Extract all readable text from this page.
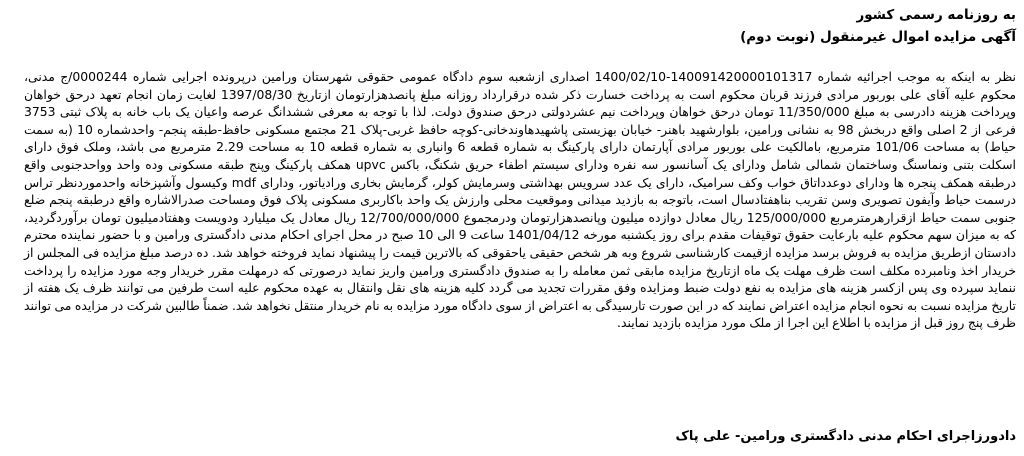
به روزنامه رسمی کشور

آگهی مزایده اموال غیرمنقول (نوبت دوم)

نظر به اینکه به موجب اجرائیه شماره 140091420000101317-1400/02/10 اصداری ازشعبه سوم دادگاه عمومی حقوقی شهرستان ورامین درپرونده اجرایی شماره 0000244/ج مدنی، محکوم علیه آقای علی بوربور مرادی فرزند قربان محکوم است به پرداخت خسارت ذکر شده درقرارداد روزانه مبلغ پانصدهزارتومان ازتاریخ 1397/08/30 لغایت زمان انجام تعهد درحق خواهان وپرداخت هزینه دادرسی به مبلغ 11/350/000 تومان درحق خواهان وپرداخت نیم عشردولتی درحق صندوق دولت. لذا با توجه به معرفی ششدانگ عرصه واعیان یک باب خانه به پلاک ثبتی 3753 فرعی از 2 اصلی واقع دربخش 98 به نشانی ورامین، بلوارشهید باهنر- خیابان بهزیستی پاشهیدهاوندخانی-کوچه حافظ غربی-پلاک 21 مجتمع مسکونی حافظ-طبقه پنجم- واحدشماره 10 (به سمت حیاط) به مساحت 101/06 مترمربع، بامالکیت علی بوربور مرادی آپارتمان دارای پارکینگ به شماره قطعه 6 وانباری به شماره قطعه 10 به مساحت 2.29 مترمربع می باشد، وملک فوق دارای اسکلت بتنی ونماسنگ وساختمان شمالی شامل ودارای یک آسانسور سه نفره ودارای سیستم اطفاء حریق شکنگ، باکس upvc همکف پارکینگ وپنج طبقه مسکونی وده واحد وواحدجنوبی واقع درطبقه همکف پنجره ها ودارای دوعدداتاق خواب وکف سرامیک، دارای یک عدد سرویس بهداشتی وسرمایش کولر، گرمایش بخاری ورادیاتور، ودارای mdf وکیسول وآشپزخانه واحدموردنظر تراس درسمت حیاط وآیفون تصویری وسن تقریب بناهفتادسال است، باتوجه به بازدید میدانی وموقعیت محلی وارزش یک واحد باکاربری مسکونی پلاک فوق ومساحت صدرالاشاره واقع درطبقه پنجم ضلع جنوبی سمت حیاط ازقرارهرمترمربع 125/000/000 ریال معادل دوازده میلیون وپانصدهزارتومان ودرمجموع 12/700/000/000 ریال معادل یک میلیارد ودویست وهفتادمیلیون تومان برآوردگردید، که به میزان سهم محکوم علیه بارعایت حقوق توقیفات مقدم برای روز یکشنبه مورخه 1401/04/12 ساعت 9 الی 10 صبح در محل اجرای احکام مدنی دادگستری ورامین و با حضور نماینده محترم دادستان ازطریق مزایده به فروش برسد مزایده ازقیمت کارشناسی شروع وبه هر شخص حقیقی یاحقوقی که بالاترین قیمت را پیشنهاد نماید فروخته خواهد شد. ده درصد مبلغ مزایده فی المجلس از خریدار اخذ ونامبرده مکلف است ظرف مهلت یک ماه ازتاریخ مزایده مابقی ثمن معامله را به صندوق دادگستری ورامین واریز نماید درصورتی که درمهلت مقرر خریدار وجه مورد مزایده را پرداخت ننماید سپرده وی پس ازکسر هزینه های مزایده به نفع دولت ضبط ومزایده وفق مقررات تجدید می گردد کلیه هزینه های نقل وانتقال به عهده محکوم علیه است طرفین می توانند ظرف یک هفته از تاریخ مزایده نسبت به نحوه انجام مزایده اعتراض نمایند که در این صورت تارسیدگی به اعتراض از سوی دادگاه مورد مزایده به نام خریدار منتقل نخواهد شد. ضمناً طالبین شرکت در مزایده می توانند ظرف پنج روز قبل از مزایده با اطلاع این اجرا از ملک مورد مزایده بازدید نمایند.
دادورزاجرای احکام مدنی دادگستری ورامین- علی پاک
